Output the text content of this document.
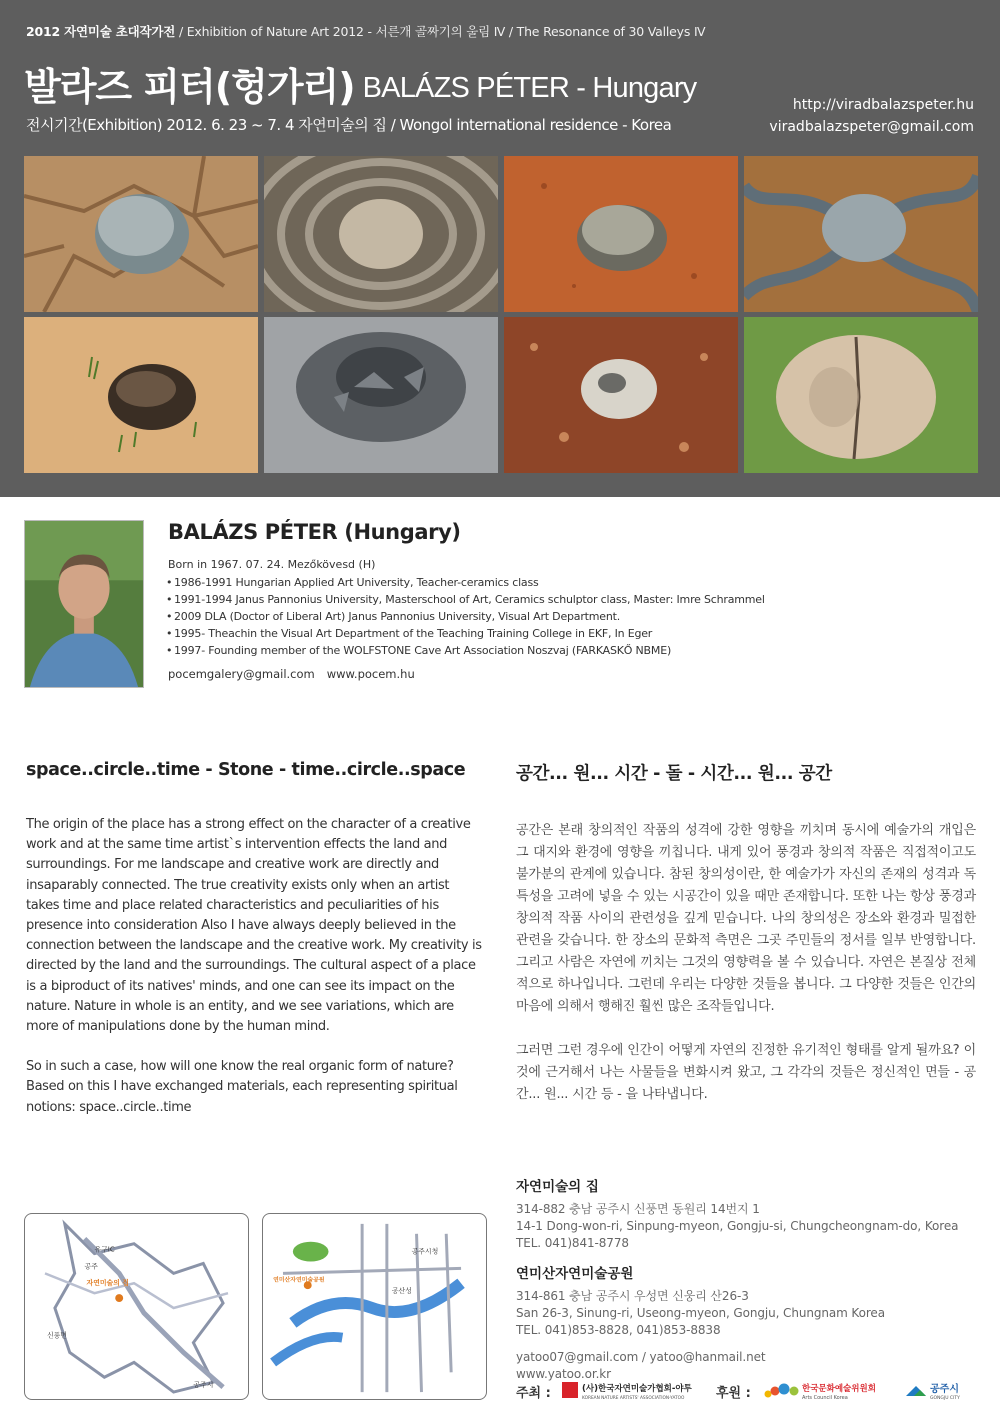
2012 자연미술 초대작가전 / Exhibition of Nature Art 2012 - 서른개 골짜기의 울림 Ⅳ / The Resonance of 30 Valleys Ⅳ
발라즈 피터(헝가리) BALÁZS PÉTER - Hungary
전시기간(Exhibition) 2012. 6. 23 ~ 7. 4 자연미술의 집 / Wongol international residence - Korea
http://viradbalazspeter.hu
viradbalazspeter@gmail.com
BALÁZS PÉTER (Hungary)
Born in 1967. 07. 24. Mezőkövesd (H)
• 1986-1991 Hungarian Applied Art University, Teacher-ceramics class
• 1991-1994 Janus Pannonius University, Masterschool of Art, Ceramics schulptor class, Master: Imre Schrammel
• 2009 DLA (Doctor of Liberal Art) Janus Pannonius University, Visual Art Department.
• 1995- Theachin the Visual Art Department of the Teaching Training College in EKF, In Eger
• 1997- Founding member of the WOLFSTONE Cave Art Association Noszvaj (FARKASKŐ NBME)
pocemgalery@gmail.com www.pocem.hu
space..circle..time - Stone - time..circle..space

The origin of the place has a strong effect on the character of a creative work and at the same time artist`s intervention effects the land and surroundings. For me landscape and creative work are directly and insaparably connected. The true creativity exists only when an artist takes time and place related characteristics and peculiarities of his presence into consideration Also I have always deeply believed in the connection between the landscape and the creative work. My creativity is directed by the land and the surroundings. The cultural aspect of a place is a biproduct of its natives' minds, and one can see its impact on the nature. Nature in whole is an entity, and we see variations, which are more of manipulations done by the human mind.

So in such a case, how will one know the real organic form of nature? Based on this I have exchanged materials, each representing spiritual notions: space..circle..time

공간... 원... 시간 - 돌 - 시간... 원... 공간

공간은 본래 창의적인 작품의 성격에 강한 영향을 끼치며 동시에 예술가의 개입은 그 대지와 환경에 영향을 끼칩니다. 내게 있어 풍경과 창의적 작품은 직접적이고도 불가분의 관계에 있습니다. 참된 창의성이란, 한 예술가가 자신의 존재의 성격과 독특성을 고려에 넣을 수 있는 시공간이 있을 때만 존재합니다. 또한 나는 항상 풍경과 창의적 작품 사이의 관련성을 깊게 믿습니다. 나의 창의성은 장소와 환경과 밀접한 관련을 갖습니다. 한 장소의 문화적 측면은 그곳 주민들의 정서를 일부 반영합니다. 그리고 사람은 자연에 끼치는 그것의 영향력을 볼 수 있습니다. 자연은 본질상 전체적으로 하나입니다. 그런데 우리는 다양한 것들을 봅니다. 그 다양한 것들은 인간의 마음에 의해서 행해진 훨씬 많은 조작들입니다.

그러면 그런 경우에 인간이 어떻게 자연의 진정한 유기적인 형태를 알게 될까요? 이것에 근거해서 나는 사물들을 변화시켜 왔고, 그 각각의 것들은 정신적인 면들 - 공간... 원... 시간 등 - 을 나타냅니다.

유구IC
공주
자연미술의 집
신풍면
공주시
공주시청
금강
연미산자연미술공원
공산성
자연미술의 집
314-882 충남 공주시 신풍면 동원리 14번지 1
14-1 Dong-won-ri, Sinpung-myeon, Gongju-si, Chungcheongnam-do, Korea
TEL. 041)841-8778
연미산자연미술공원
314-861 충남 공주시 우성면 신웅리 산26-3
San 26-3, Sinung-ri, Useong-myeon, Gongju, Chungnam Korea
TEL. 041)853-8828, 041)853-8838
yatoo07@gmail.com / yatoo@hanmail.net
www.yatoo.or.kr
주최 :	(사)한국자연미술가협회-야투
KOREAN NATURE ARTISTS' ASSOCIATION-YATOO 후원 :	한국문화예술위원회
Arts Council Korea
공주시
GONGJU CITY
